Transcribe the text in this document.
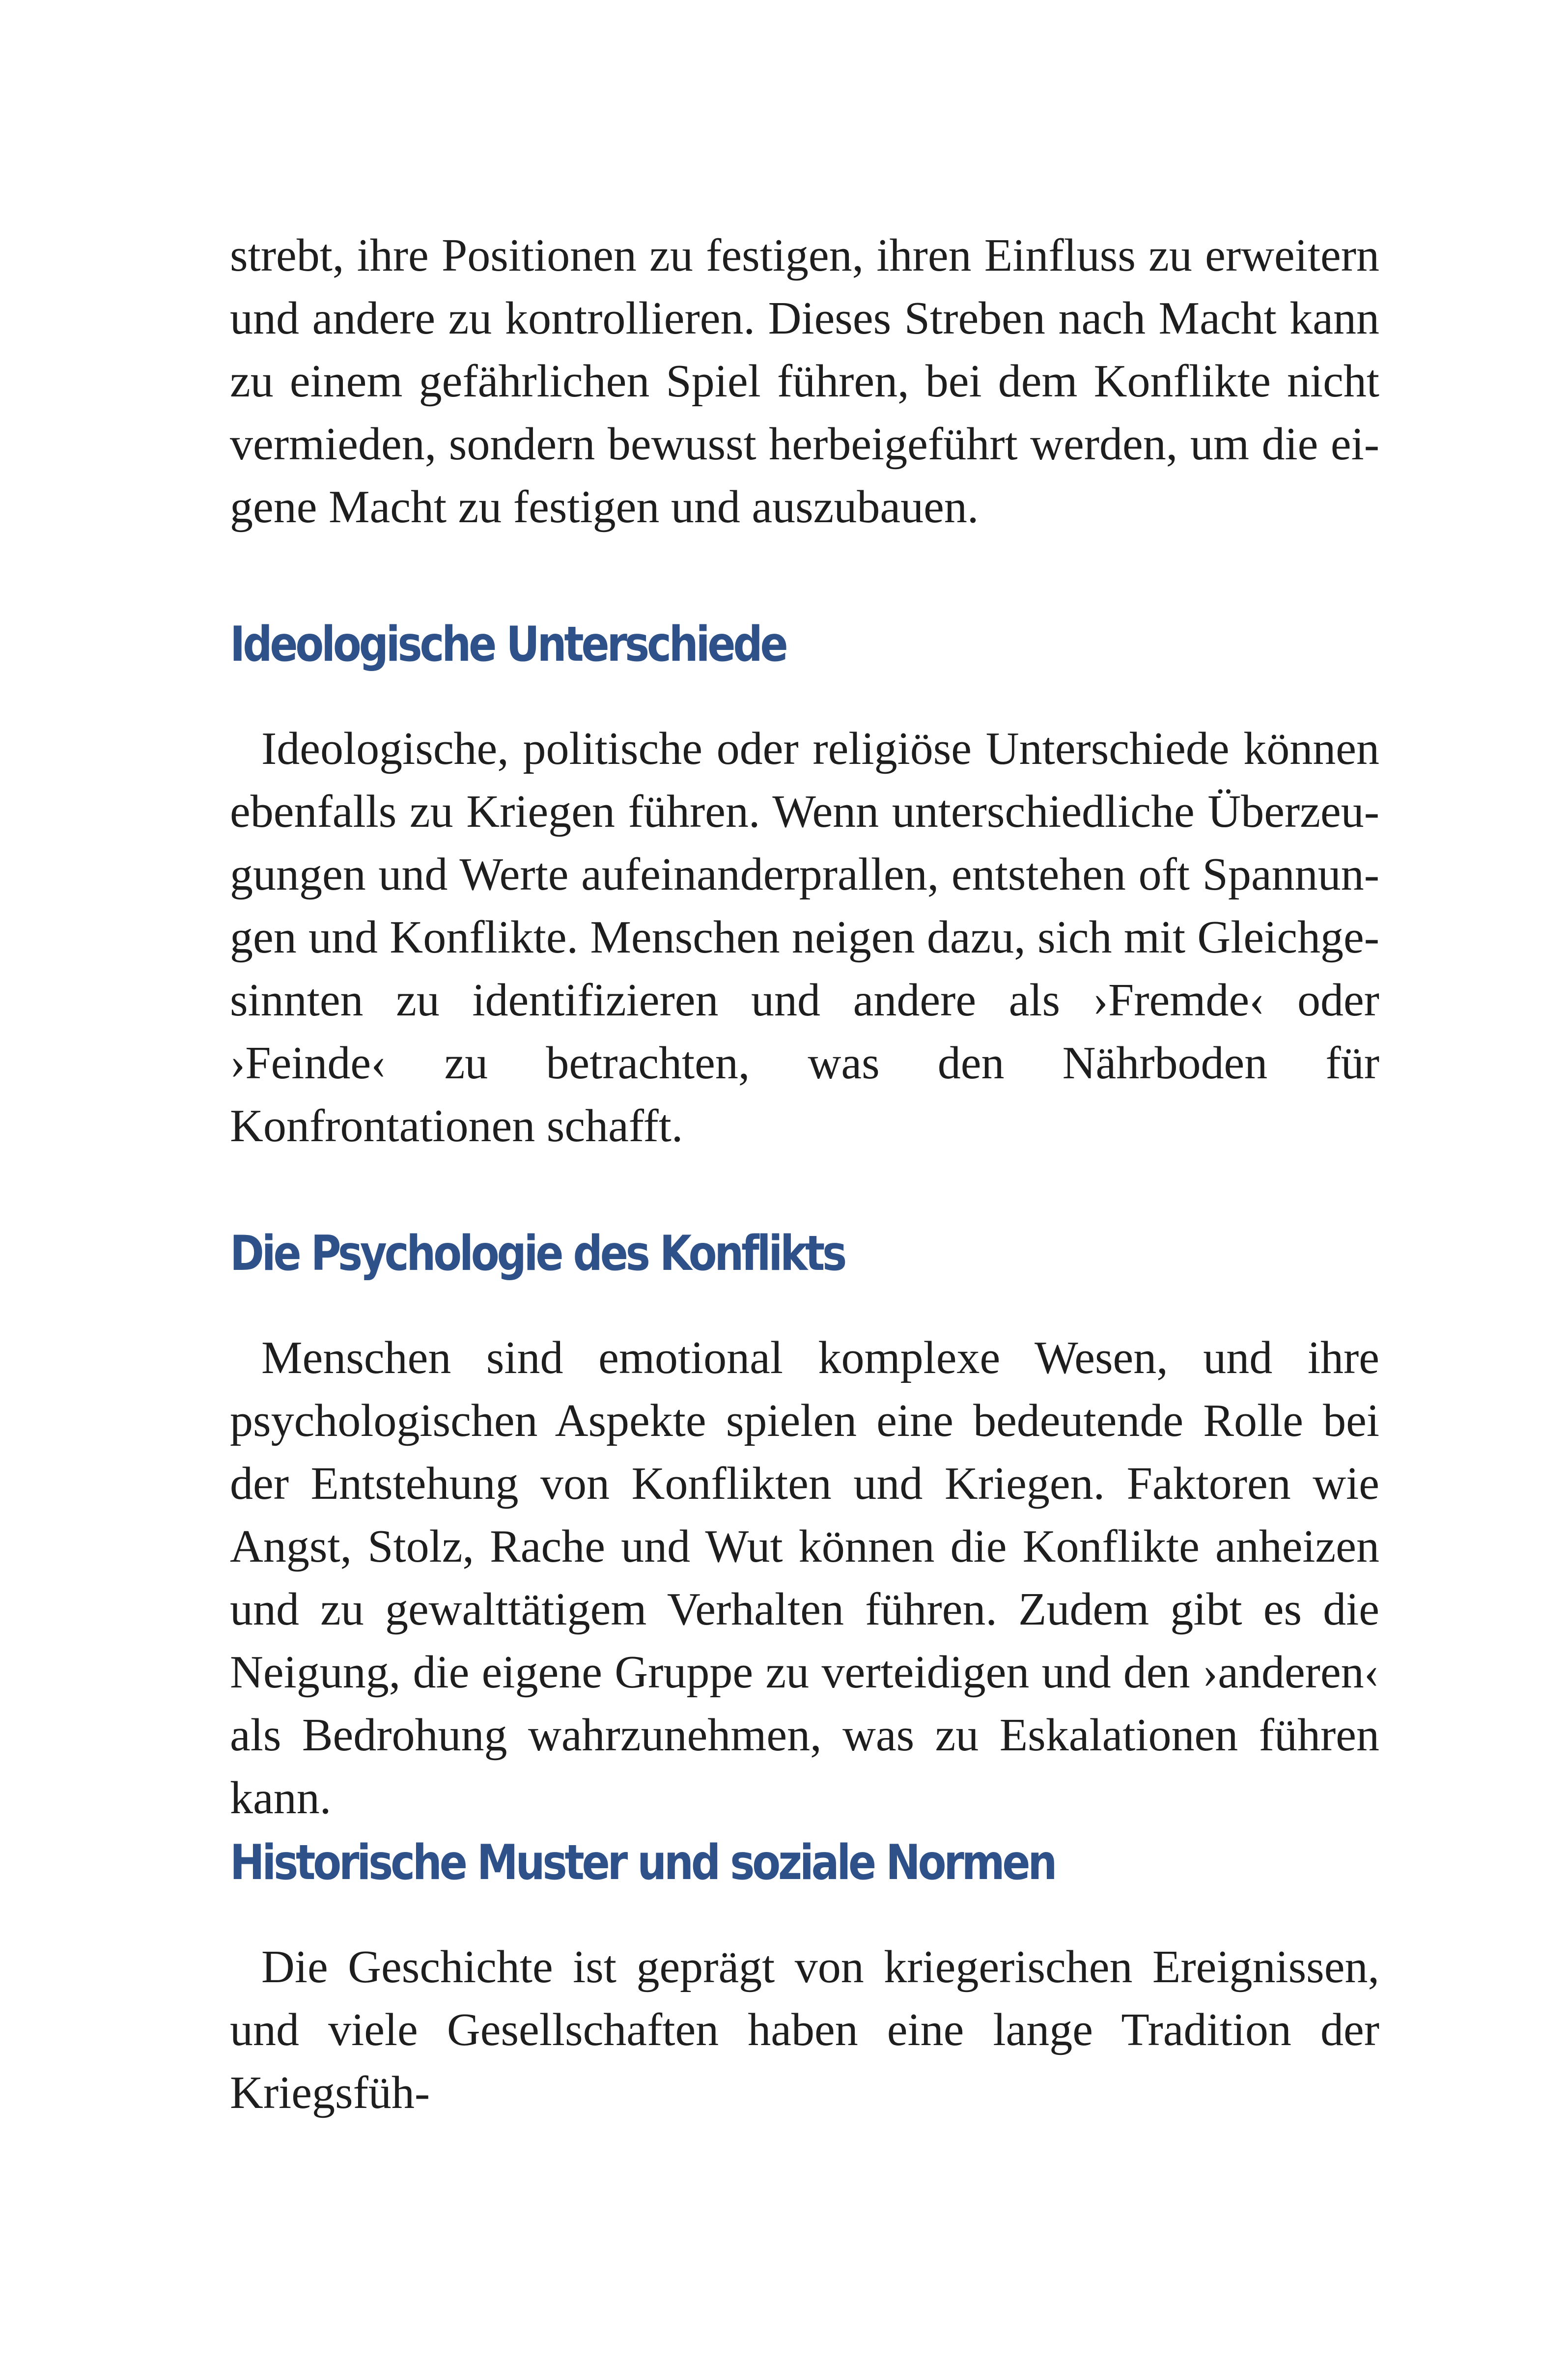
strebt, ihre Positionen zu festigen, ihren Einfluss zu erweitern und andere zu kontrollieren. Dieses Streben nach Macht kann zu einem gefährlichen Spiel führen, bei dem Konflikte nicht vermieden, sondern bewusst herbeigeführt werden, um die eigene Macht zu festigen und auszubauen.

Ideologische Unterschiede

Ideologische, politische oder religiöse Unterschiede können ebenfalls zu Kriegen führen. Wenn unterschiedliche Überzeugungen und Werte aufeinanderprallen, entstehen oft Spannungen und Konflikte. Menschen neigen dazu, sich mit Gleichgesinnten zu identifizieren und andere als ›Fremde‹ oder ›Feinde‹ zu betrachten, was den Nährboden für Konfrontationen schafft.

Die Psychologie des Konflikts

Menschen sind emotional komplexe Wesen, und ihre psychologischen Aspekte spielen eine bedeutende Rolle bei der Entstehung von Konflikten und Kriegen. Faktoren wie Angst, Stolz, Rache und Wut können die Konflikte anheizen und zu gewalttätigem Verhalten führen. Zudem gibt es die Neigung, die eigene Gruppe zu verteidigen und den ›anderen‹ als Bedrohung wahrzunehmen, was zu Eskalationen führen kann.

Historische Muster und soziale Normen

Die Geschichte ist geprägt von kriegerischen Ereignissen, und viele Gesellschaften haben eine lange Tradition der Kriegsfüh-
